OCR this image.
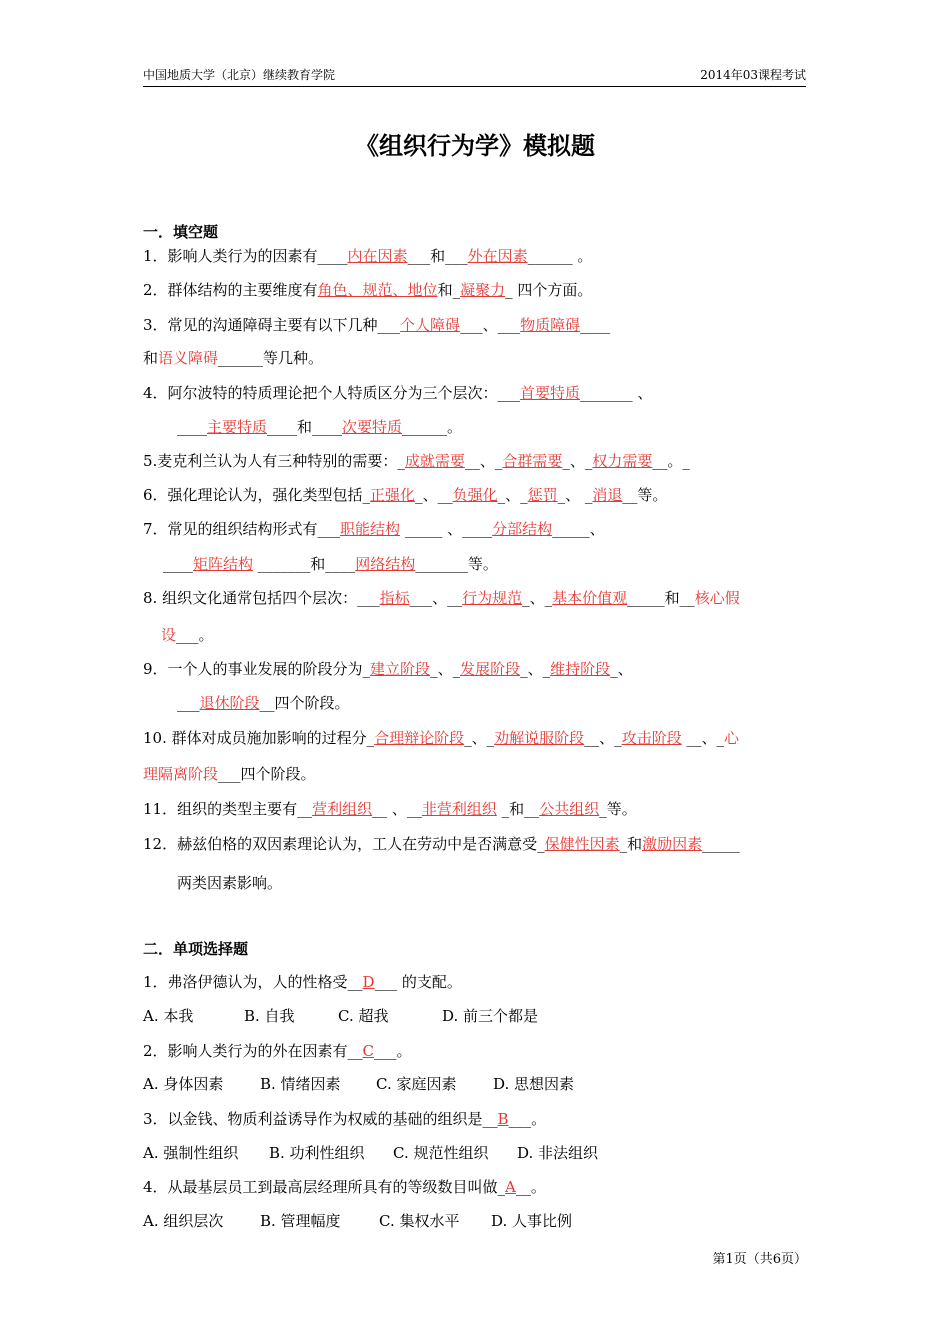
中国地质大学（北京）继续教育学院	2014年03课程考试
《组织行为学》模拟题
一．填空题
1．影响人类行为的因素有____内在因素___和___外在因素______ 。
2．群体结构的主要维度有角色、规范、地位和_凝聚力_ 四个方面。
3．常见的沟通障碍主要有以下几种___个人障碍___、___物质障碍____
和语义障碍______等几种。
4．阿尔波特的特质理论把个人特质区分为三个层次：___首要特质_______ 、
____主要特质____和____次要特质______。
5.麦克利兰认为人有三种特别的需要：_成就需要__、_合群需要_、_权力需要__。_
6．强化理论认为，强化类型包括_正强化_、__负强化_、_惩罚_、 _消退__等。
7．常见的组织结构形式有___职能结构 _____ 、____分部结构_____、
____矩阵结构 _______和____网络结构_______等。
8. 组织文化通常包括四个层次：___指标___、__行为规范_、_基本价值观_____和__核心假
设___。
9．一个人的事业发展的阶段分为_建立阶段_、_发展阶段_、_维持阶段_、
___退休阶段__四个阶段。
10. 群体对成员施加影响的过程分_合理辩论阶段_、_劝解说服阶段__、_攻击阶段 __、_心
理隔离阶段___四个阶段。
11．组织的类型主要有__营利组织__ 、__非营利组织 _和__公共组织_等。
12．赫兹伯格的双因素理论认为，工人在劳动中是否满意受_保健性因素_和激励因素_____
两类因素影响。
二．单项选择题
1．弗洛伊德认为，人的性格受__D___ 的支配。
A. 本我	B. 自我	C. 超我	D. 前三个都是
2．影响人类行为的外在因素有__C___。
A. 身体因素 B. 情绪因素 C. 家庭因素 D. 思想因素
3．以金钱、物质利益诱导作为权威的基础的组织是__B___。
A. 强制性组织 B. 功利性组织 C. 规范性组织 D. 非法组织
4．从最基层员工到最高层经理所具有的等级数目叫做_A__。
A. 组织层次 B. 管理幅度	C. 集权水平 D. 人事比例
第1页（共6页）
